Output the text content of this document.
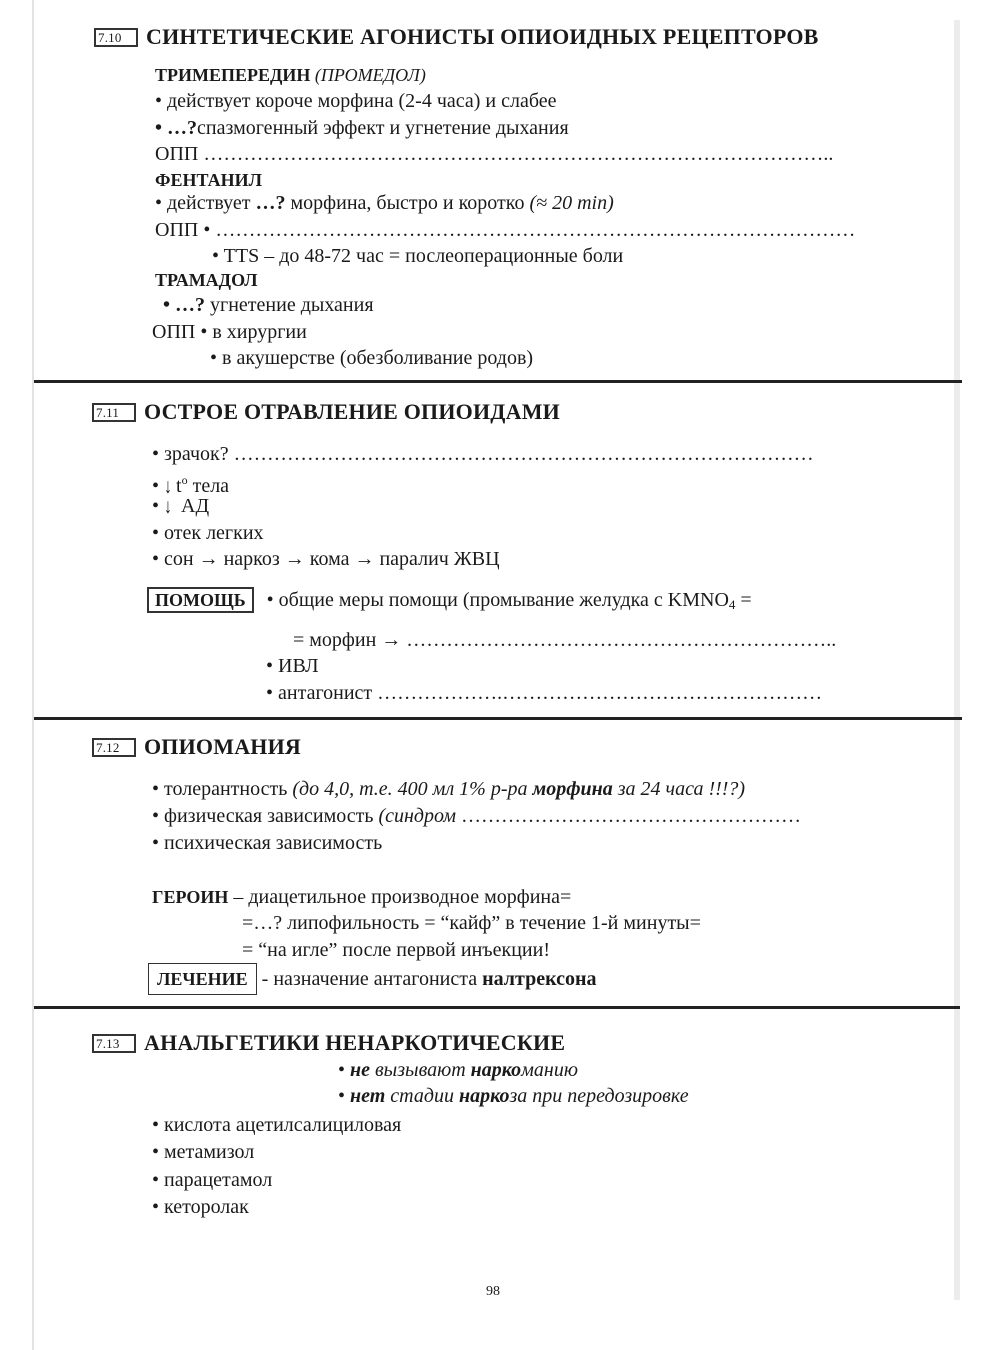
7.10 СИНТЕТИЧЕСКИЕ АГОНИСТЫ ОПИОИДНЫХ РЕЦЕПТОРОВ
ТРИМЕПЕРЕДИН (ПРОМЕДОЛ)
• действует короче морфина (2-4 часа) и слабее
• …?спазмогенный эффект и угнетение дыхания
ОПП …………………………………………………………………………………..
ФЕНТАНИЛ
• действует …? морфина, быстро и коротко (≈ 20 min)
ОПП • ……………………………………………………………………………………
• TTS – до 48-72 час = послеоперационные боли
ТРАМАДОЛ
• …? угнетение дыхания
ОПП • в хирургии
• в акушерстве (обезболивание родов)
7.11 ОСТРОЕ ОТРАВЛЕНИЕ ОПИОИДАМИ
• зрачок? ……………………………………………………………………………
• ↓ $t^o$ тела
• ↓ АД
• отек легких
• сон → наркоз → кома → паралич ЖВЦ
ПОМОЩЬ • общие меры помощи (промывание желудка с $KMNO_4$ =
= морфин → ………………………………………………………..
• ИВЛ
• антагонист ……………….…………………………………………
7.12 ОПИОМАНИЯ
• толерантность (до 4,0, т.е. 400 мл 1% р-ра морфина за 24 часа !!!?)
• физическая зависимость (синдром ……………………………………………
• психическая зависимость
ГЕРОИН – диацетильное производное морфина=
=…? липофильность = “кайф” в течение 1-й минуты=
= “на игле” после первой инъекции!
ЛЕЧЕНИЕ - назначение антагониста налтрексона
7.13 АНАЛЬГЕТИКИ НЕНАРКОТИЧЕСКИЕ
• не вызывают наркоманию
• нет стадии наркоза при передозировке
• кислота ацетилсалициловая
• метамизол
• парацетамол
• кеторолак
98
